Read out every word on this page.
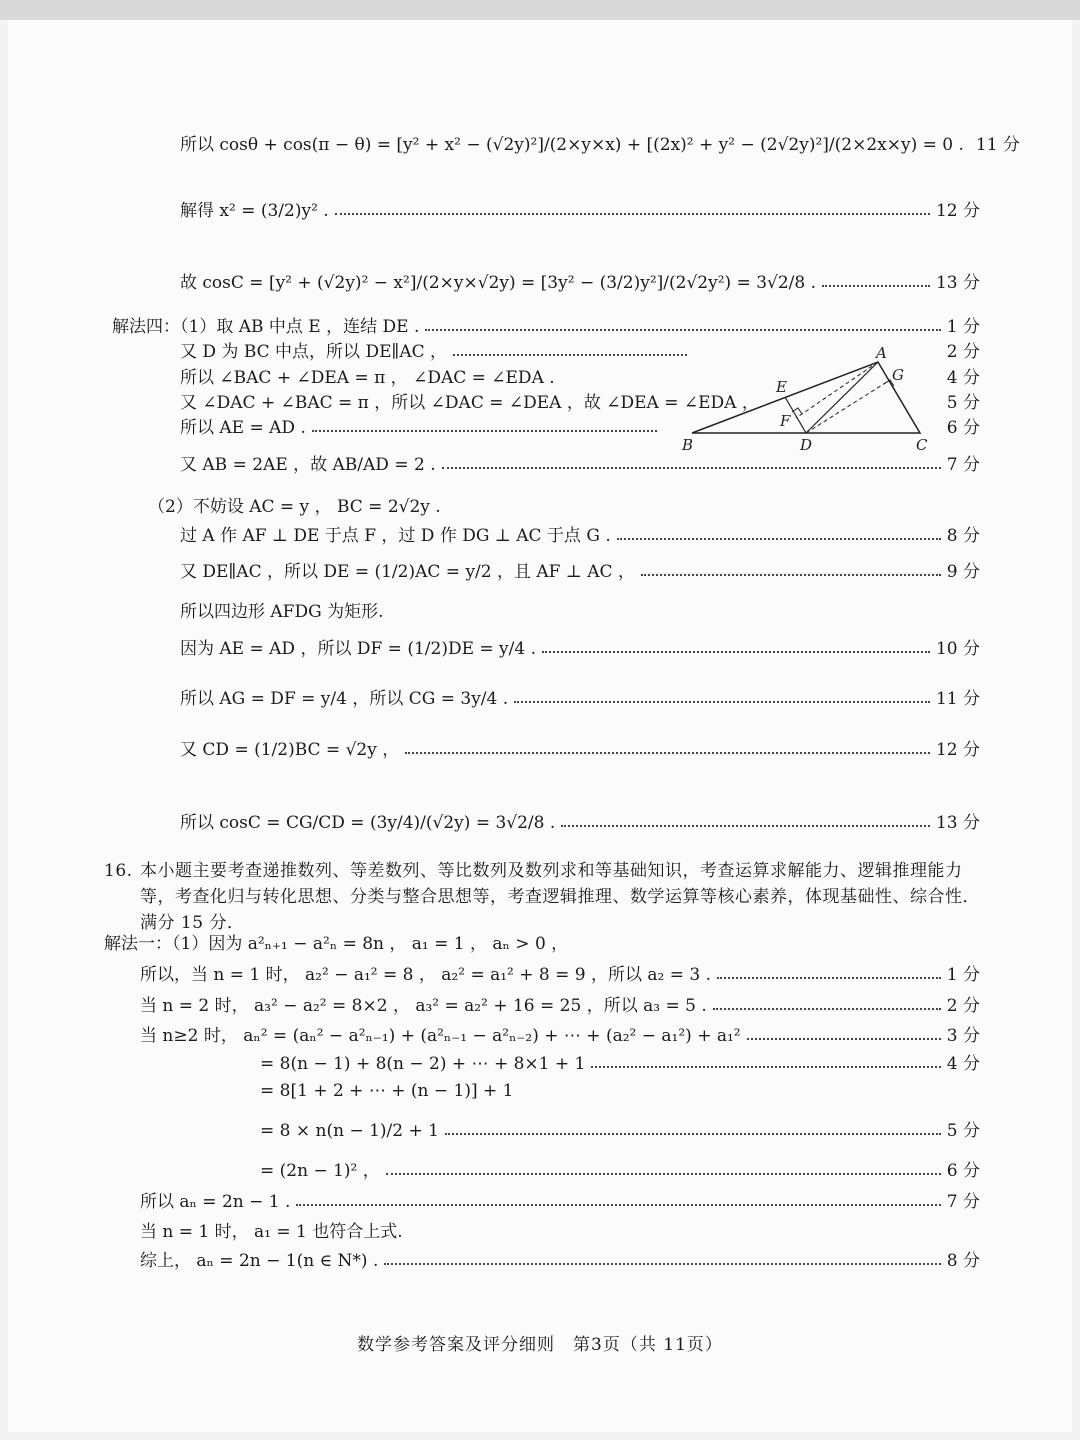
所以 cosθ + cos(π − θ) = [y² + x² − (√2y)²]/(2×y×x) + [(2x)² + y² − (2√2y)²]/(2×2x×y) = 0 . 11 分
解得 x² = (3/2)y² .	12 分
故 cosC = [y² + (√2y)² − x²]/(2×y×√2y) = [3y² − (3/2)y²]/(2√2y²) = 3√2/8 .	13 分
解法四：（1）取 AB 中点 E ，连结 DE .	1 分
又 D 为 BC 中点，所以 DE∥AC ，	2 分
所以 ∠BAC + ∠DEA = π ， ∠DAC = ∠EDA .	4 分
又 ∠DAC + ∠BAC = π ，所以 ∠DAC = ∠DEA ，故 ∠DEA = ∠EDA ，	5 分
所以 AE = AD .	6 分
A
B	C
D
E
F
G
又 AB = 2AE ，故 AB/AD = 2 .	7 分
（2）不妨设 AC = y ， BC = 2√2y .
过 A 作 AF ⊥ DE 于点 F ，过 D 作 DG ⊥ AC 于点 G .	8 分
又 DE∥AC ，所以 DE = (1/2)AC = y/2 ，且 AF ⊥ AC ，	9 分
所以四边形 AFDG 为矩形.
因为 AE = AD ，所以 DF = (1/2)DE = y/4 .	10 分
所以 AG = DF = y/4 ，所以 CG = 3y/4 .	11 分
又 CD = (1/2)BC = √2y ，	12 分
所以 cosC = CG/CD = (3y/4)/(√2y) = 3√2/8 .	13 分
16. 本小题主要考查递推数列、等差数列、等比数列及数列求和等基础知识，考查运算求解能力、逻辑推理能力等，考查化归与转化思想、分类与整合思想等，考查逻辑推理、数学运算等核心素养，体现基础性、综合性．满分 15 分．
解法一：（1）因为 a²ₙ₊₁ − a²ₙ = 8n ， a₁ = 1 ， aₙ > 0 ，
所以，当 n = 1 时， a₂² − a₁² = 8 ， a₂² = a₁² + 8 = 9 ，所以 a₂ = 3 .	1 分
当 n = 2 时， a₃² − a₂² = 8×2 ， a₃² = a₂² + 16 = 25 ，所以 a₃ = 5 .	2 分
当 n≥2 时， aₙ² = (aₙ² − a²ₙ₋₁) + (a²ₙ₋₁ − a²ₙ₋₂) + ⋯ + (a₂² − a₁²) + a₁²	3 分
= 8(n − 1) + 8(n − 2) + ⋯ + 8×1 + 1	4 分
= 8[1 + 2 + ⋯ + (n − 1)] + 1
= 8 × n(n − 1)/2 + 1	5 分
= (2n − 1)² ，	6 分
所以 aₙ = 2n − 1 .	7 分
当 n = 1 时， a₁ = 1 也符合上式.
综上， aₙ = 2n − 1(n ∈ N*) .	8 分
数学参考答案及评分细则　第3页（共 11页）
